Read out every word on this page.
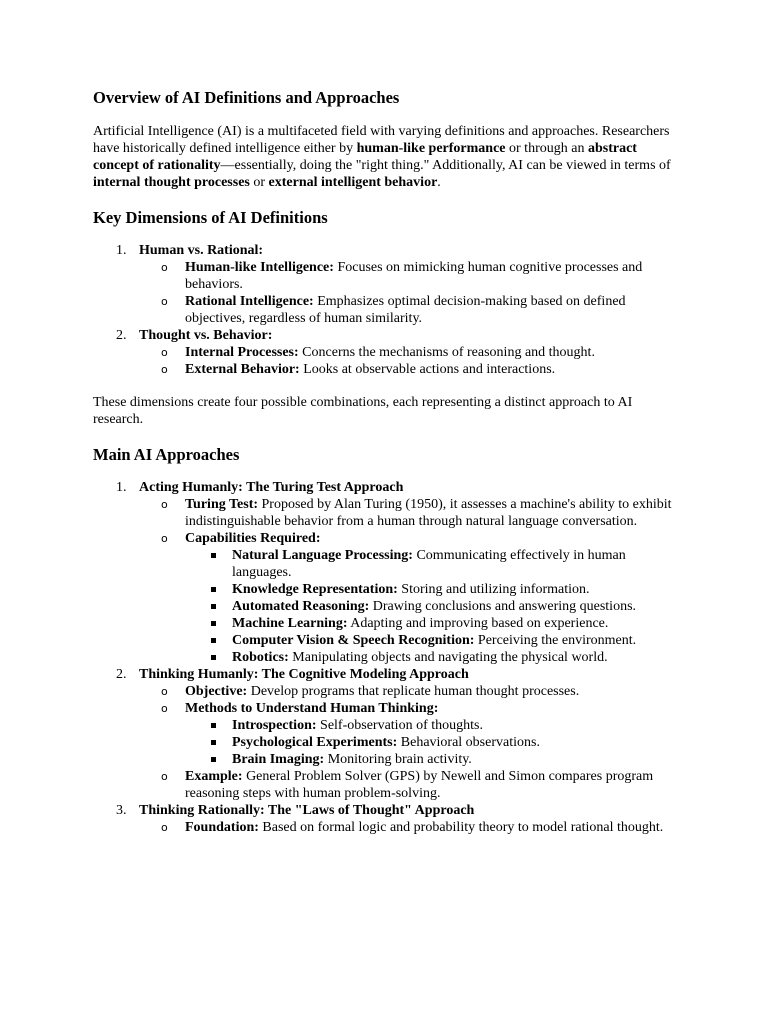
Overview of AI Definitions and Approaches

Artificial Intelligence (AI) is a multifaceted field with varying definitions and approaches. Researchers have historically defined intelligence either by human-like performance or through an abstract concept of rationality—essentially, doing the "right thing." Additionally, AI can be viewed in terms of internal thought processes or external intelligent behavior.

Key Dimensions of AI Definitions
1. Human vs. Rational:
o Human-like Intelligence: Focuses on mimicking human cognitive processes and behaviors.
o Rational Intelligence: Emphasizes optimal decision-making based on defined objectives, regardless of human similarity.
2. Thought vs. Behavior:
o Internal Processes: Concerns the mechanisms of reasoning and thought.
o External Behavior: Looks at observable actions and interactions.

These dimensions create four possible combinations, each representing a distinct approach to AI research.

Main AI Approaches
1. Acting Humanly: The Turing Test Approach
o Turing Test: Proposed by Alan Turing (1950), it assesses a machine's ability to exhibit indistinguishable behavior from a human through natural language conversation.
o Capabilities Required:
Natural Language Processing: Communicating effectively in human languages.
Knowledge Representation: Storing and utilizing information.
Automated Reasoning: Drawing conclusions and answering questions.
Machine Learning: Adapting and improving based on experience.
Computer Vision & Speech Recognition: Perceiving the environment.
Robotics: Manipulating objects and navigating the physical world.
2. Thinking Humanly: The Cognitive Modeling Approach
o Objective: Develop programs that replicate human thought processes.
o Methods to Understand Human Thinking:
Introspection: Self-observation of thoughts.
Psychological Experiments: Behavioral observations.
Brain Imaging: Monitoring brain activity.
o Example: General Problem Solver (GPS) by Newell and Simon compares program reasoning steps with human problem-solving.
3. Thinking Rationally: The "Laws of Thought" Approach
o Foundation: Based on formal logic and probability theory to model rational thought.
